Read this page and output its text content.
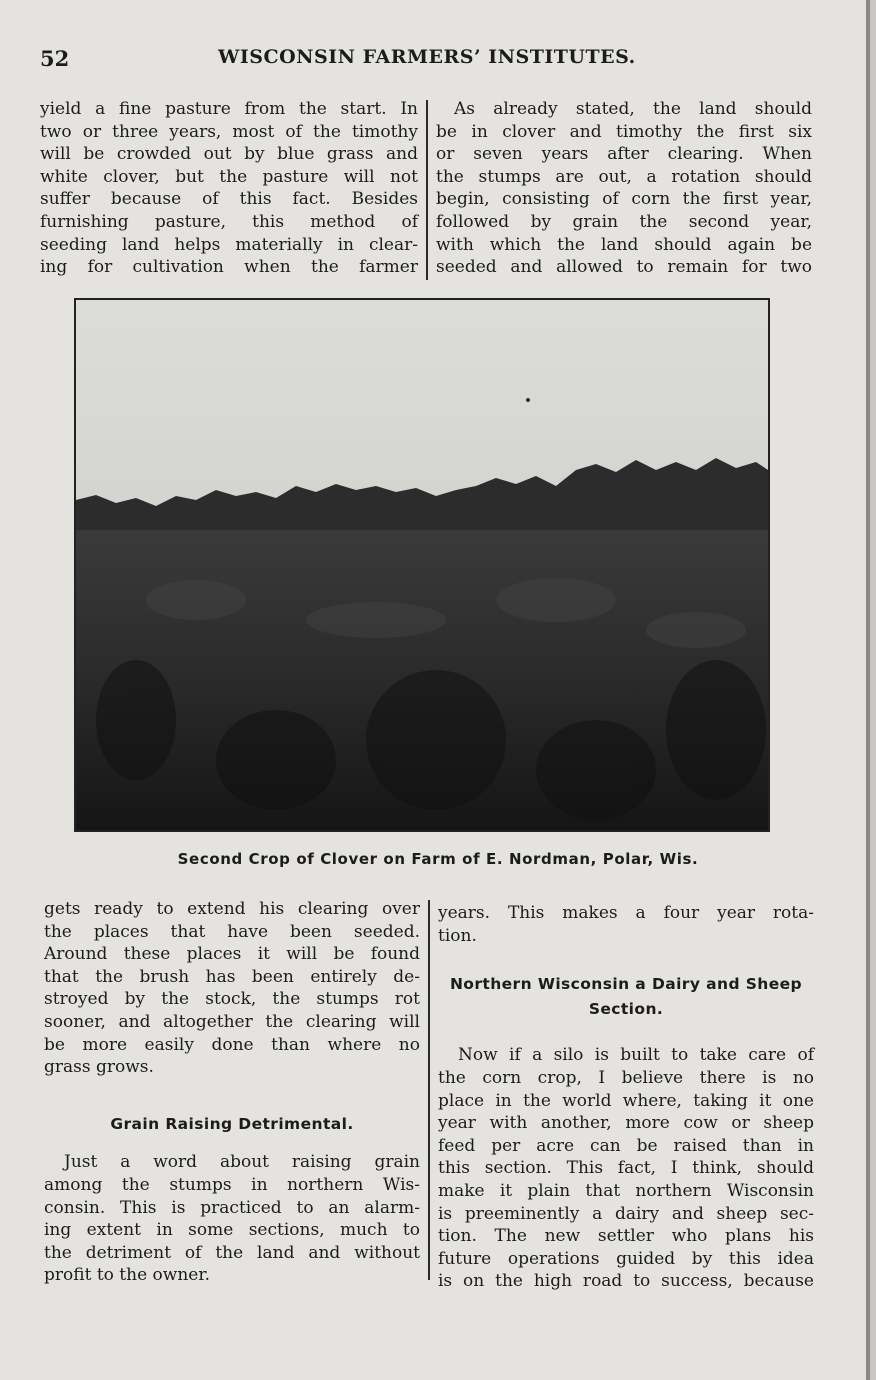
52	WISCONSIN FARMERS’ INSTITUTES.
yield a fine pasture from the start. In
two or three years, most of the timothy
will be crowded out by blue grass and
white clover, but the pasture will not
suffer because of this fact. Besides
furnishing pasture, this method of
seeding land helps materially in clear-
ing for cultivation when the farmer
As already stated, the land should
be in clover and timothy the first six
or seven years after clearing. When
the stumps are out, a rotation should
begin, consisting of corn the first year,
followed by grain the second year,
with which the land should again be
seeded and allowed to remain for two
Second Crop of Clover on Farm of E. Nordman, Polar, Wis.
gets ready to extend his clearing over
the places that have been seeded.
Around these places it will be found
that the brush has been entirely de-
stroyed by the stock, the stumps rot
sooner, and altogether the clearing will
be more easily done than where no
grass grows.
Grain Raising Detrimental.
Just a word about raising grain
among the stumps in northern Wis-
consin. This is practiced to an alarm-
ing extent in some sections, much to
the detriment of the land and without
profit to the owner.
years. This makes a four year rota-
tion.
Northern Wisconsin a Dairy and Sheep
Section.
Now if a silo is built to take care of
the corn crop, I believe there is no
place in the world where, taking it one
year with another, more cow or sheep
feed per acre can be raised than in
this section. This fact, I think, should
make it plain that northern Wisconsin
is preeminently a dairy and sheep sec-
tion. The new settler who plans his
future operations guided by this idea
is on the high road to success, because
